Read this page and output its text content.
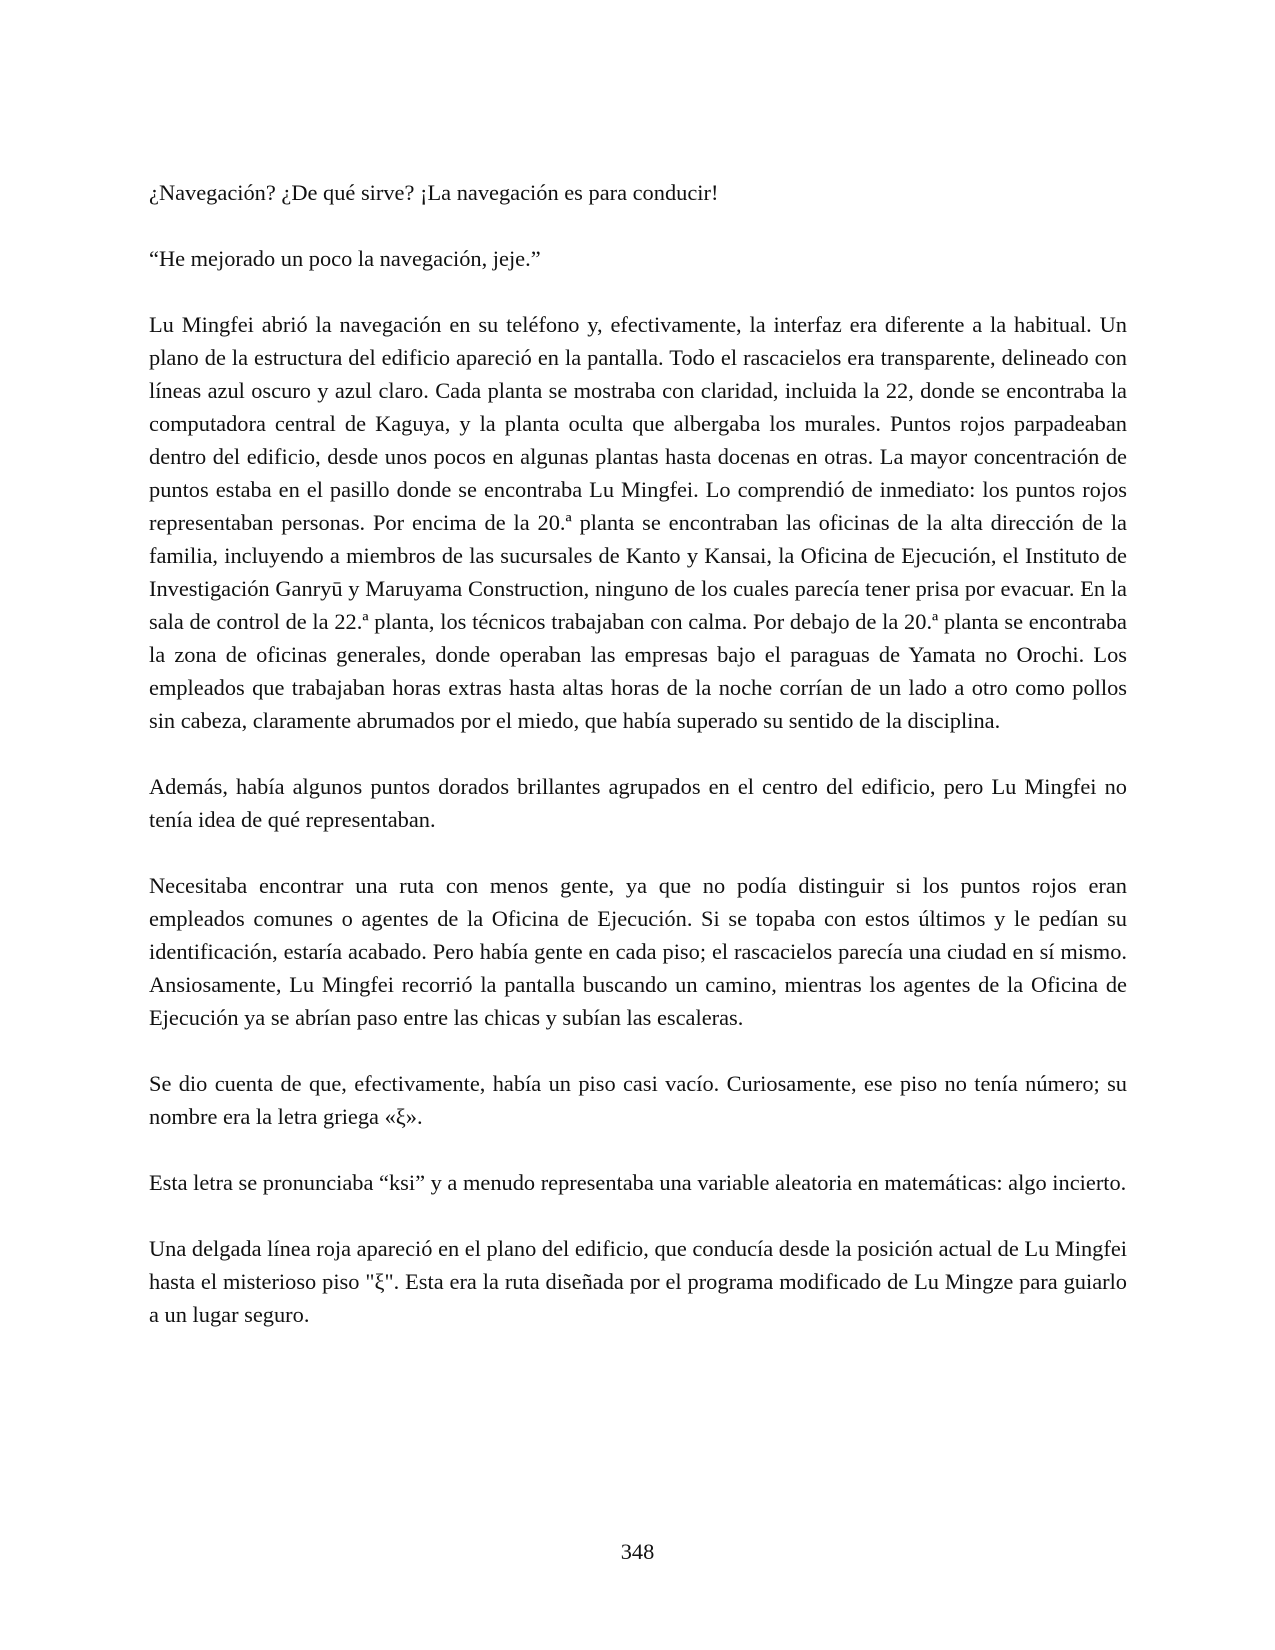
¿Navegación? ¿De qué sirve? ¡La navegación es para conducir!

“He mejorado un poco la navegación, jeje.”

Lu Mingfei abrió la navegación en su teléfono y, efectivamente, la interfaz era diferente a la habitual. Un plano de la estructura del edificio apareció en la pantalla. Todo el rascacielos era transparente, delineado con líneas azul oscuro y azul claro. Cada planta se mostraba con claridad, incluida la 22, donde se encontraba la computadora central de Kaguya, y la planta oculta que albergaba los murales. Puntos rojos parpadeaban dentro del edificio, desde unos pocos en algunas plantas hasta docenas en otras. La mayor concentración de puntos estaba en el pasillo donde se encontraba Lu Mingfei. Lo comprendió de inmediato: los puntos rojos representaban personas. Por encima de la 20.ª planta se encontraban las oficinas de la alta dirección de la familia, incluyendo a miembros de las sucursales de Kanto y Kansai, la Oficina de Ejecución, el Instituto de Investigación Ganryū y Maruyama Construction, ninguno de los cuales parecía tener prisa por evacuar. En la sala de control de la 22.ª planta, los técnicos trabajaban con calma. Por debajo de la 20.ª planta se encontraba la zona de oficinas generales, donde operaban las empresas bajo el paraguas de Yamata no Orochi. Los empleados que trabajaban horas extras hasta altas horas de la noche corrían de un lado a otro como pollos sin cabeza, claramente abrumados por el miedo, que había superado su sentido de la disciplina.

Además, había algunos puntos dorados brillantes agrupados en el centro del edificio, pero Lu Mingfei no tenía idea de qué representaban.

Necesitaba encontrar una ruta con menos gente, ya que no podía distinguir si los puntos rojos eran empleados comunes o agentes de la Oficina de Ejecución. Si se topaba con estos últimos y le pedían su identificación, estaría acabado. Pero había gente en cada piso; el rascacielos parecía una ciudad en sí mismo. Ansiosamente, Lu Mingfei recorrió la pantalla buscando un camino, mientras los agentes de la Oficina de Ejecución ya se abrían paso entre las chicas y subían las escaleras.

Se dio cuenta de que, efectivamente, había un piso casi vacío. Curiosamente, ese piso no tenía número; su nombre era la letra griega «ξ».

Esta letra se pronunciaba “ksi” y a menudo representaba una variable aleatoria en matemáticas: algo incierto.

Una delgada línea roja apareció en el plano del edificio, que conducía desde la posición actual de Lu Mingfei hasta el misterioso piso "ξ". Esta era la ruta diseñada por el programa modificado de Lu Mingze para guiarlo a un lugar seguro.

348
